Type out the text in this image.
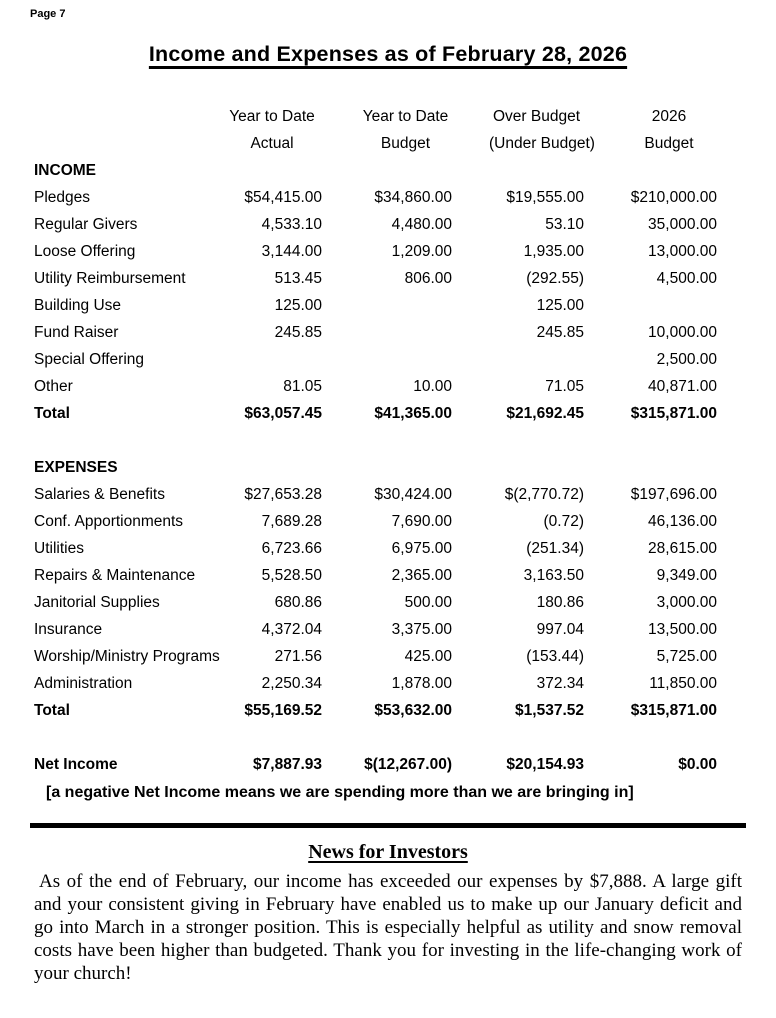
Page 7
Income and Expenses as of February 28, 2026
	Year to Date	Year to Date	Over Budget	2026
	Actual	Budget	(Under Budget)	Budget
INCOME				
Pledges	$54,415.00	$34,860.00	$19,555.00	$210,000.00
Regular Givers	4,533.10	4,480.00	53.10	35,000.00
Loose Offering	3,144.00	1,209.00	1,935.00	13,000.00
Utility Reimbursement	513.45	806.00	(292.55)	4,500.00
Building Use	125.00		125.00	
Fund Raiser	245.85		245.85	10,000.00
Special Offering				2,500.00
Other	81.05	10.00	71.05	40,871.00
Total	$63,057.45	$41,365.00	$21,692.45	$315,871.00

EXPENSES				
Salaries & Benefits	$27,653.28	$30,424.00	$(2,770.72)	$197,696.00
Conf. Apportionments	7,689.28	7,690.00	(0.72)	46,136.00
Utilities	6,723.66	6,975.00	(251.34)	28,615.00
Repairs & Maintenance	5,528.50	2,365.00	3,163.50	9,349.00
Janitorial Supplies	680.86	500.00	180.86	3,000.00
Insurance	4,372.04	3,375.00	997.04	13,500.00
Worship/Ministry Programs	271.56	425.00	(153.44)	5,725.00
Administration	2,250.34	1,878.00	372.34	11,850.00
Total	$55,169.52	$53,632.00	$1,537.52	$315,871.00

Net Income	$7,887.93	$(12,267.00)	$20,154.93	$0.00
[a negative Net Income means we are spending more than we are bringing in]
News for Investors
As of the end of February, our income has exceeded our expenses by $7,888. A large gift and your consistent giving in February have enabled us to make up our January deficit and go into March in a stronger position. This is especially helpful as utility and snow removal costs have been higher than budgeted. Thank you for investing in the life-changing work of your church!
